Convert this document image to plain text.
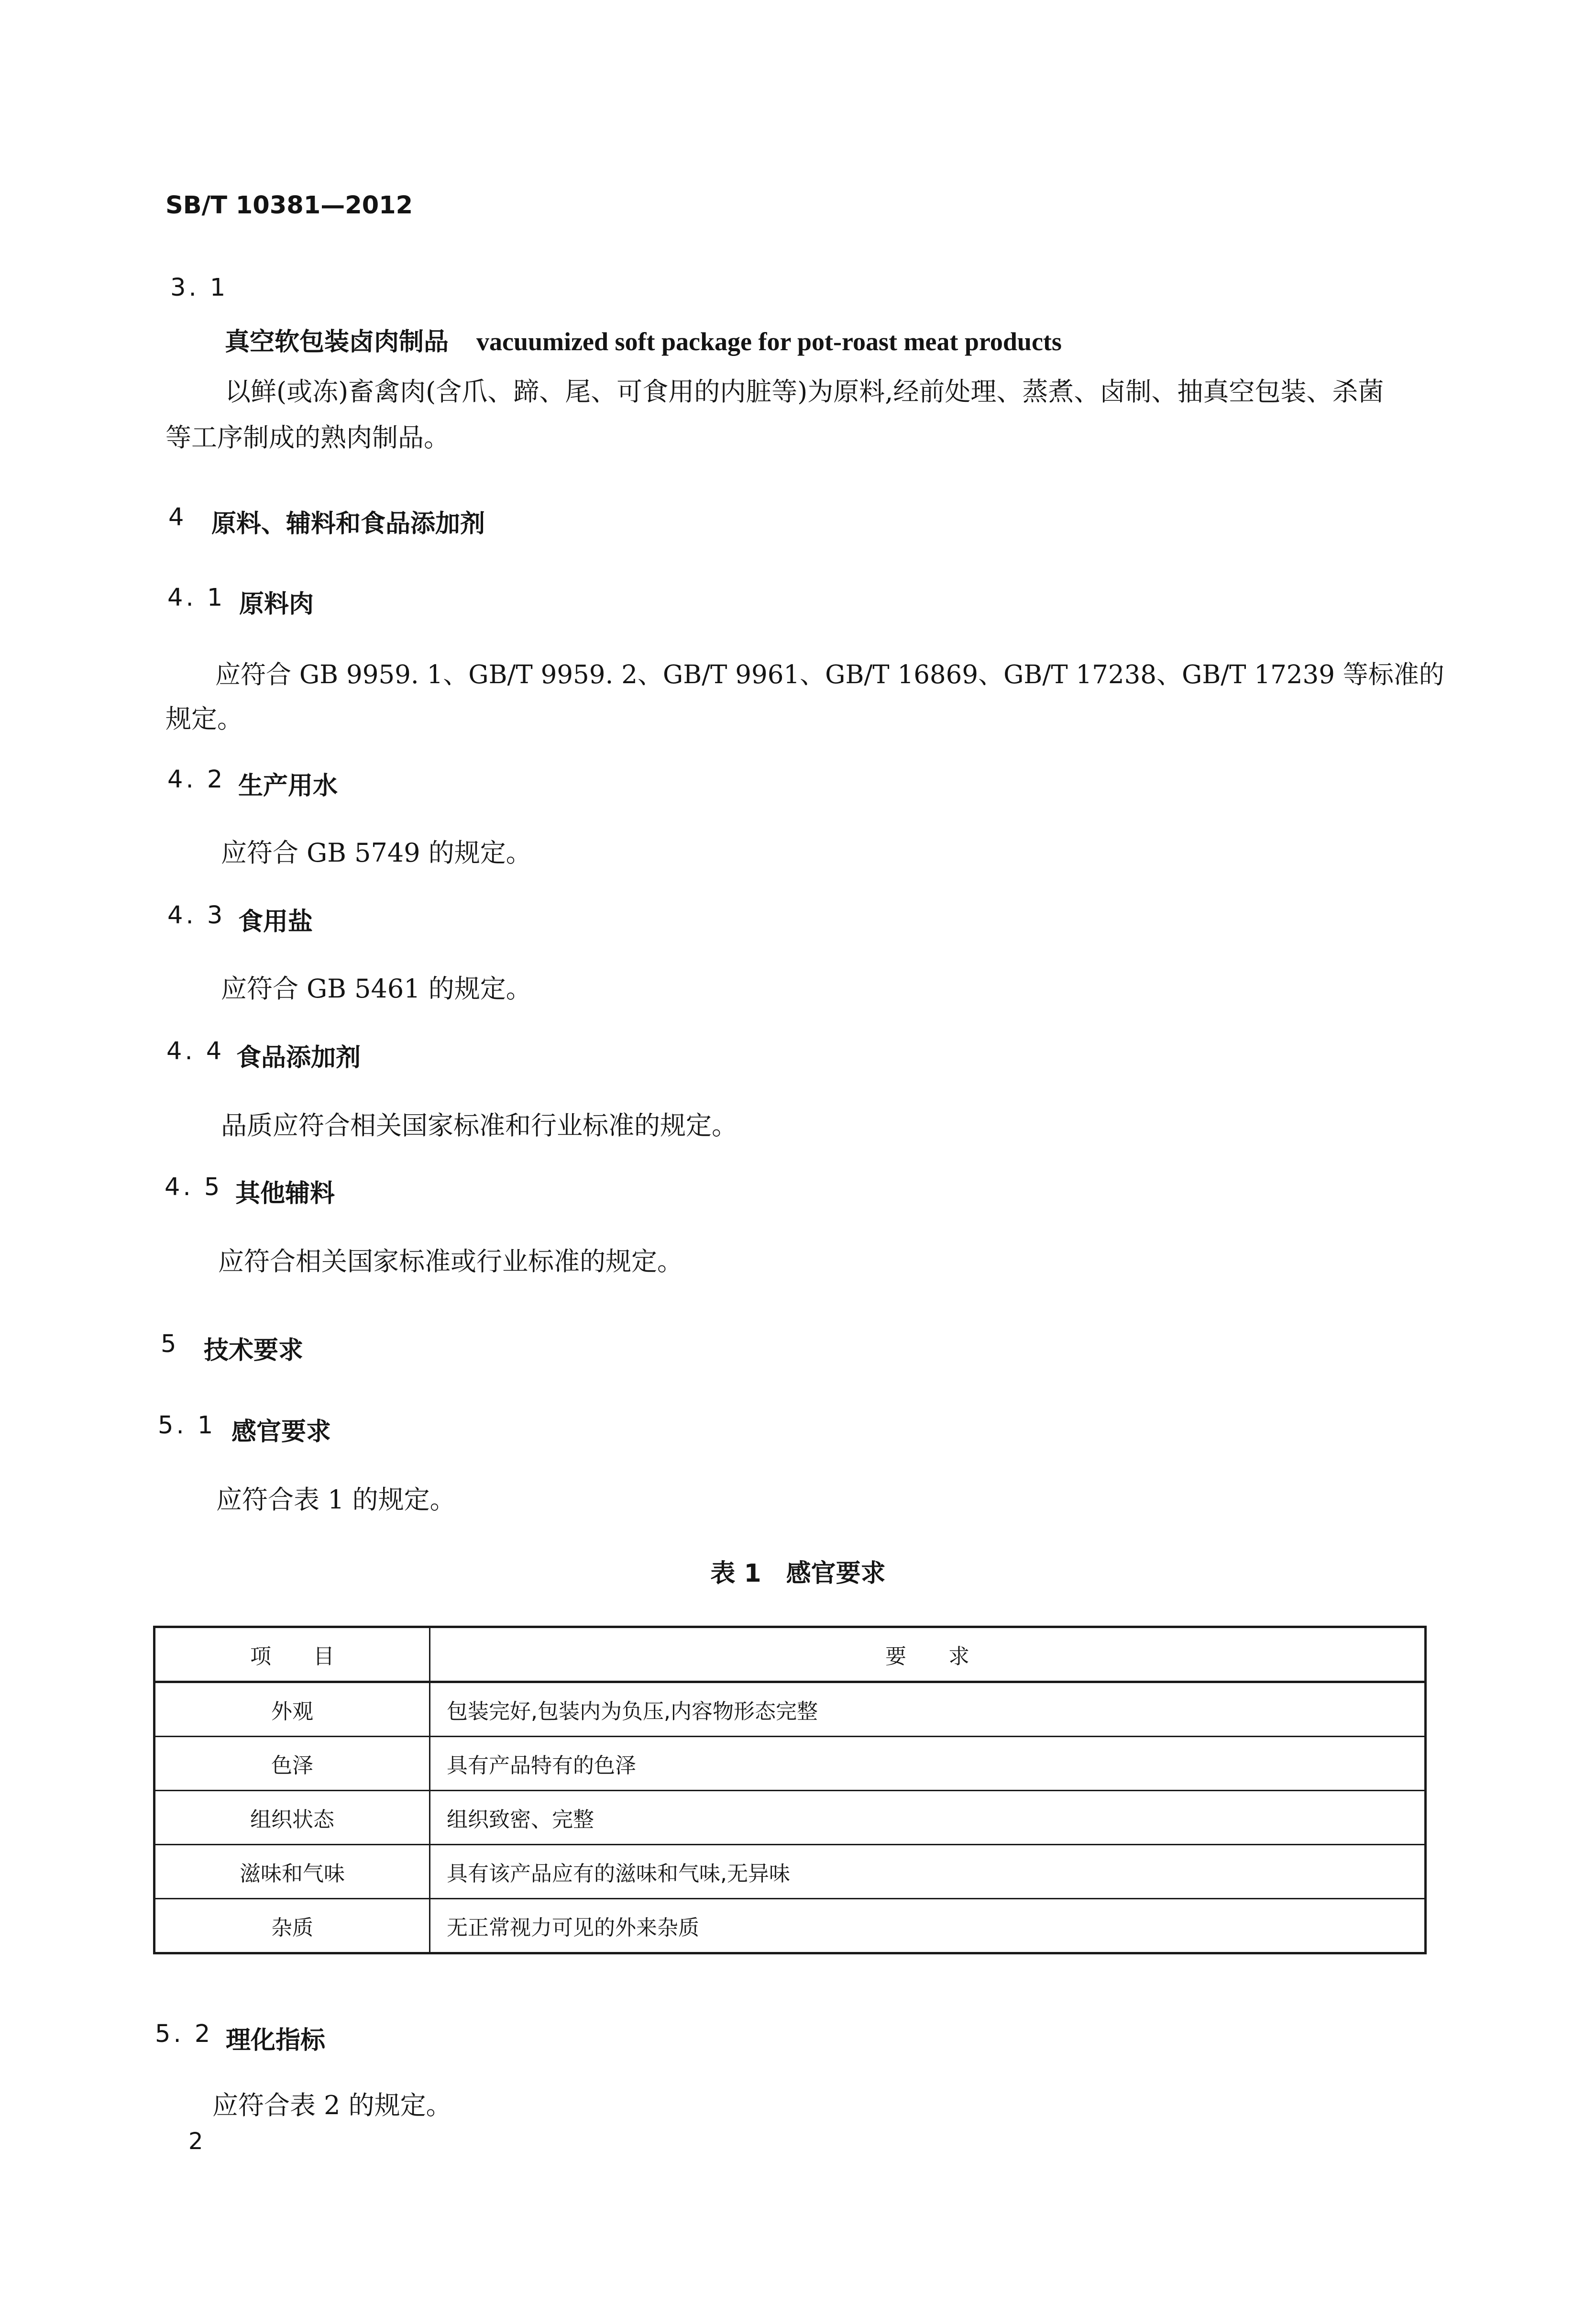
SB/T 10381—2012
3. 1
真空软包装卤肉制品 vacuumized soft package for pot-roast meat products
以鲜(或冻)畜禽肉(含爪、蹄、尾、可食用的内脏等)为原料,经前处理、蒸煮、卤制、抽真空包装、杀菌
等工序制成的熟肉制品。
4 原料、辅料和食品添加剂
4. 1 原料肉
应符合 GB 9959. 1、GB/T 9959. 2、GB/T 9961、GB/T 16869、GB/T 17238、GB/T 17239 等标准的
规定。
4. 2 生产用水
应符合 GB 5749 的规定。
4. 3 食用盐
应符合 GB 5461 的规定。
4. 4 食品添加剂
品质应符合相关国家标准和行业标准的规定。
4. 5 其他辅料
应符合相关国家标准或行业标准的规定。
5 技术要求
5. 1 感官要求
应符合表 1 的规定。
表 1　感官要求
项　　目	要　　求
外观	包装完好,包装内为负压,内容物形态完整
色泽	具有产品特有的色泽
组织状态	组织致密、完整
滋味和气味	具有该产品应有的滋味和气味,无异味
杂质	无正常视力可见的外来杂质
5. 2 理化指标
应符合表 2 的规定。
2
